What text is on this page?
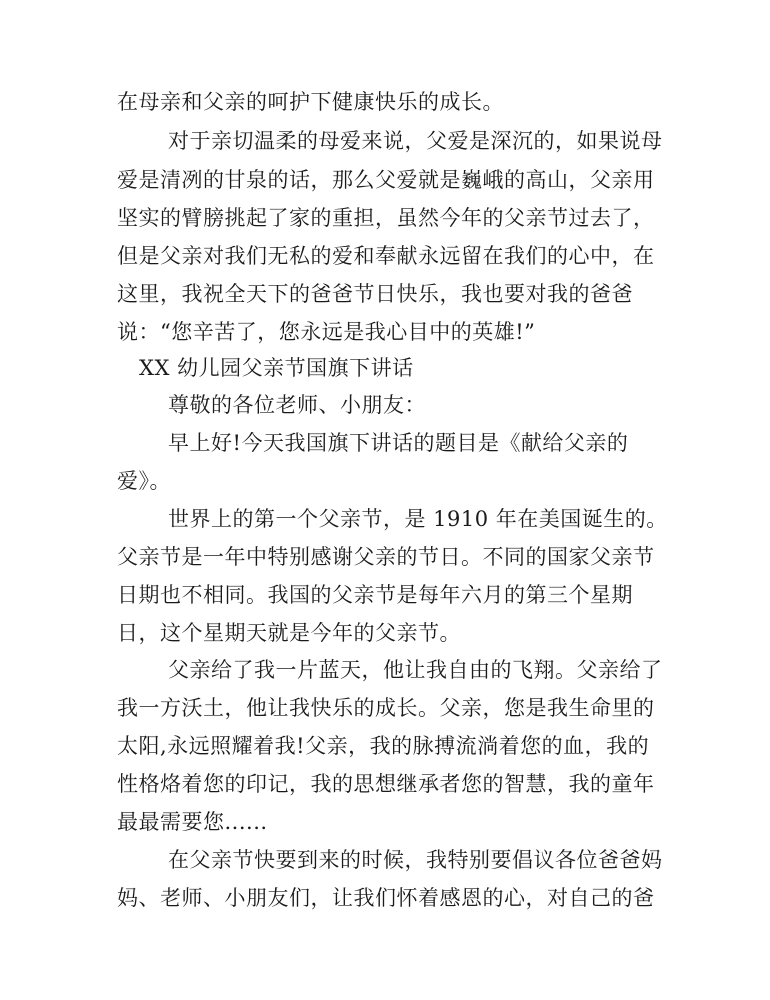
在母亲和父亲的呵护下健康快乐的成长。
对于亲切温柔的母爱来说，父爱是深沉的，如果说母
爱是清冽的甘泉的话，那么父爱就是巍峨的高山，父亲用
坚实的臂膀挑起了家的重担，虽然今年的父亲节过去了，
但是父亲对我们无私的爱和奉献永远留在我们的心中，在
这里，我祝全天下的爸爸节日快乐，我也要对我的爸爸
说：“您辛苦了，您永远是我心目中的英雄!”
XX 幼儿园父亲节国旗下讲话
尊敬的各位老师、小朋友：
早上好!今天我国旗下讲话的题目是《献给父亲的
爱》。
世界上的第一个父亲节，是 1910 年在美国诞生的。
父亲节是一年中特别感谢父亲的节日。不同的国家父亲节
日期也不相同。我国的父亲节是每年六月的第三个星期
日，这个星期天就是今年的父亲节。
父亲给了我一片蓝天，他让我自由的飞翔。父亲给了
我一方沃土，他让我快乐的成长。父亲，您是我生命里的
太阳,永远照耀着我!父亲，我的脉搏流淌着您的血，我的
性格烙着您的印记，我的思想继承者您的智慧，我的童年
最最需要您......
在父亲节快要到来的时候，我特别要倡议各位爸爸妈
妈、老师、小朋友们，让我们怀着感恩的心，对自己的爸
